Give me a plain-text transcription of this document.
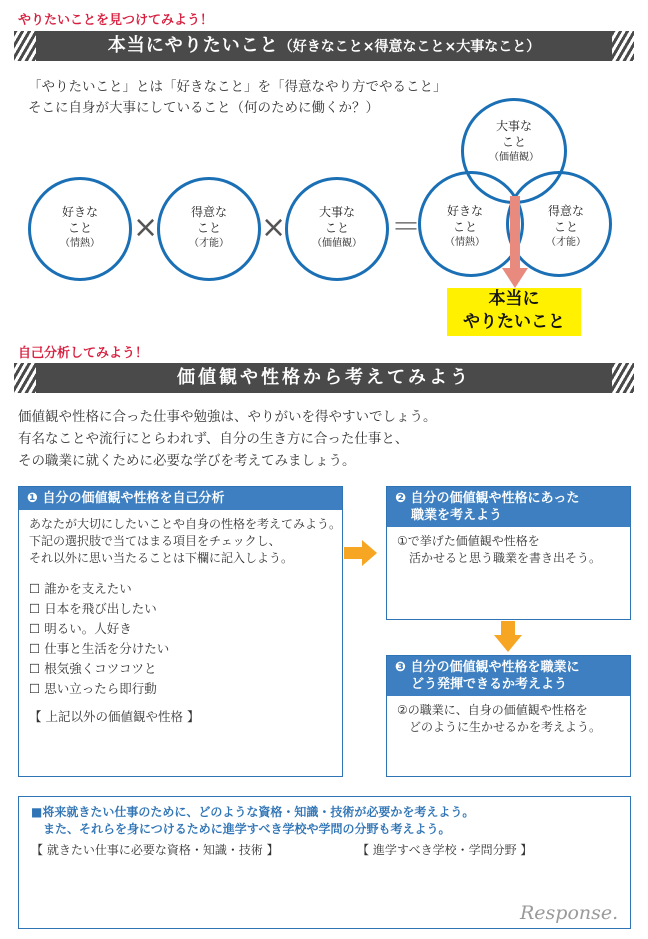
やりたいことを見つけてみよう！
本当にやりたいこと（好きなこと×得意なこと×大事なこと）
「やりたいこと」とは「好きなこと」を「得意なやり方でやること」
そこに自身が大事にしていること（何のために働くか？）
好きな
こと
（情熱）	×	得意な
こと
（才能）	×	大事な
こと
（価値観） ＝
大事な
こと
（価値観）
好きな
こと
（情熱）
得意な
こと
（才能）
本当に
やりたいこと
自己分析してみよう！
価値観や性格から考えてみよう
価値観や性格に合った仕事や勉強は、やりがいを得やすいでしょう。
有名なことや流行にとらわれず、自分の生き方に合った仕事と、
その職業に就くために必要な学びを考えてみましょう。
❶ 自分の価値観や性格を自己分析
あなたが大切にしたいことや自身の性格を考えてみよう。
下記の選択肢で当てはまる項目をチェックし、
それ以外に思い当たることは下欄に記入しよう。
☐ 誰かを支えたい
☐ 日本を飛び出したい
☐ 明るい。人好き
☐ 仕事と生活を分けたい
☐ 根気強くコツコツと
☐ 思い立ったら即行動
【 上記以外の価値観や性格 】
❷ 自分の価値観や性格にあった
職業を考えよう
①で挙げた価値観や性格を
活かせると思う職業を書き出そう。
❸ 自分の価値観や性格を職業に
どう発揮できるか考えよう
②の職業に、自身の価値観や性格を
どのように生かせるかを考えよう。
■将来就きたい仕事のために、どのような資格・知識・技術が必要かを考えよう。
また、それらを身につけるために進学すべき学校や学問の分野も考えよう。
【 就きたい仕事に必要な資格・知識・技術 】	【 進学すべき学校・学問分野 】
Response.
